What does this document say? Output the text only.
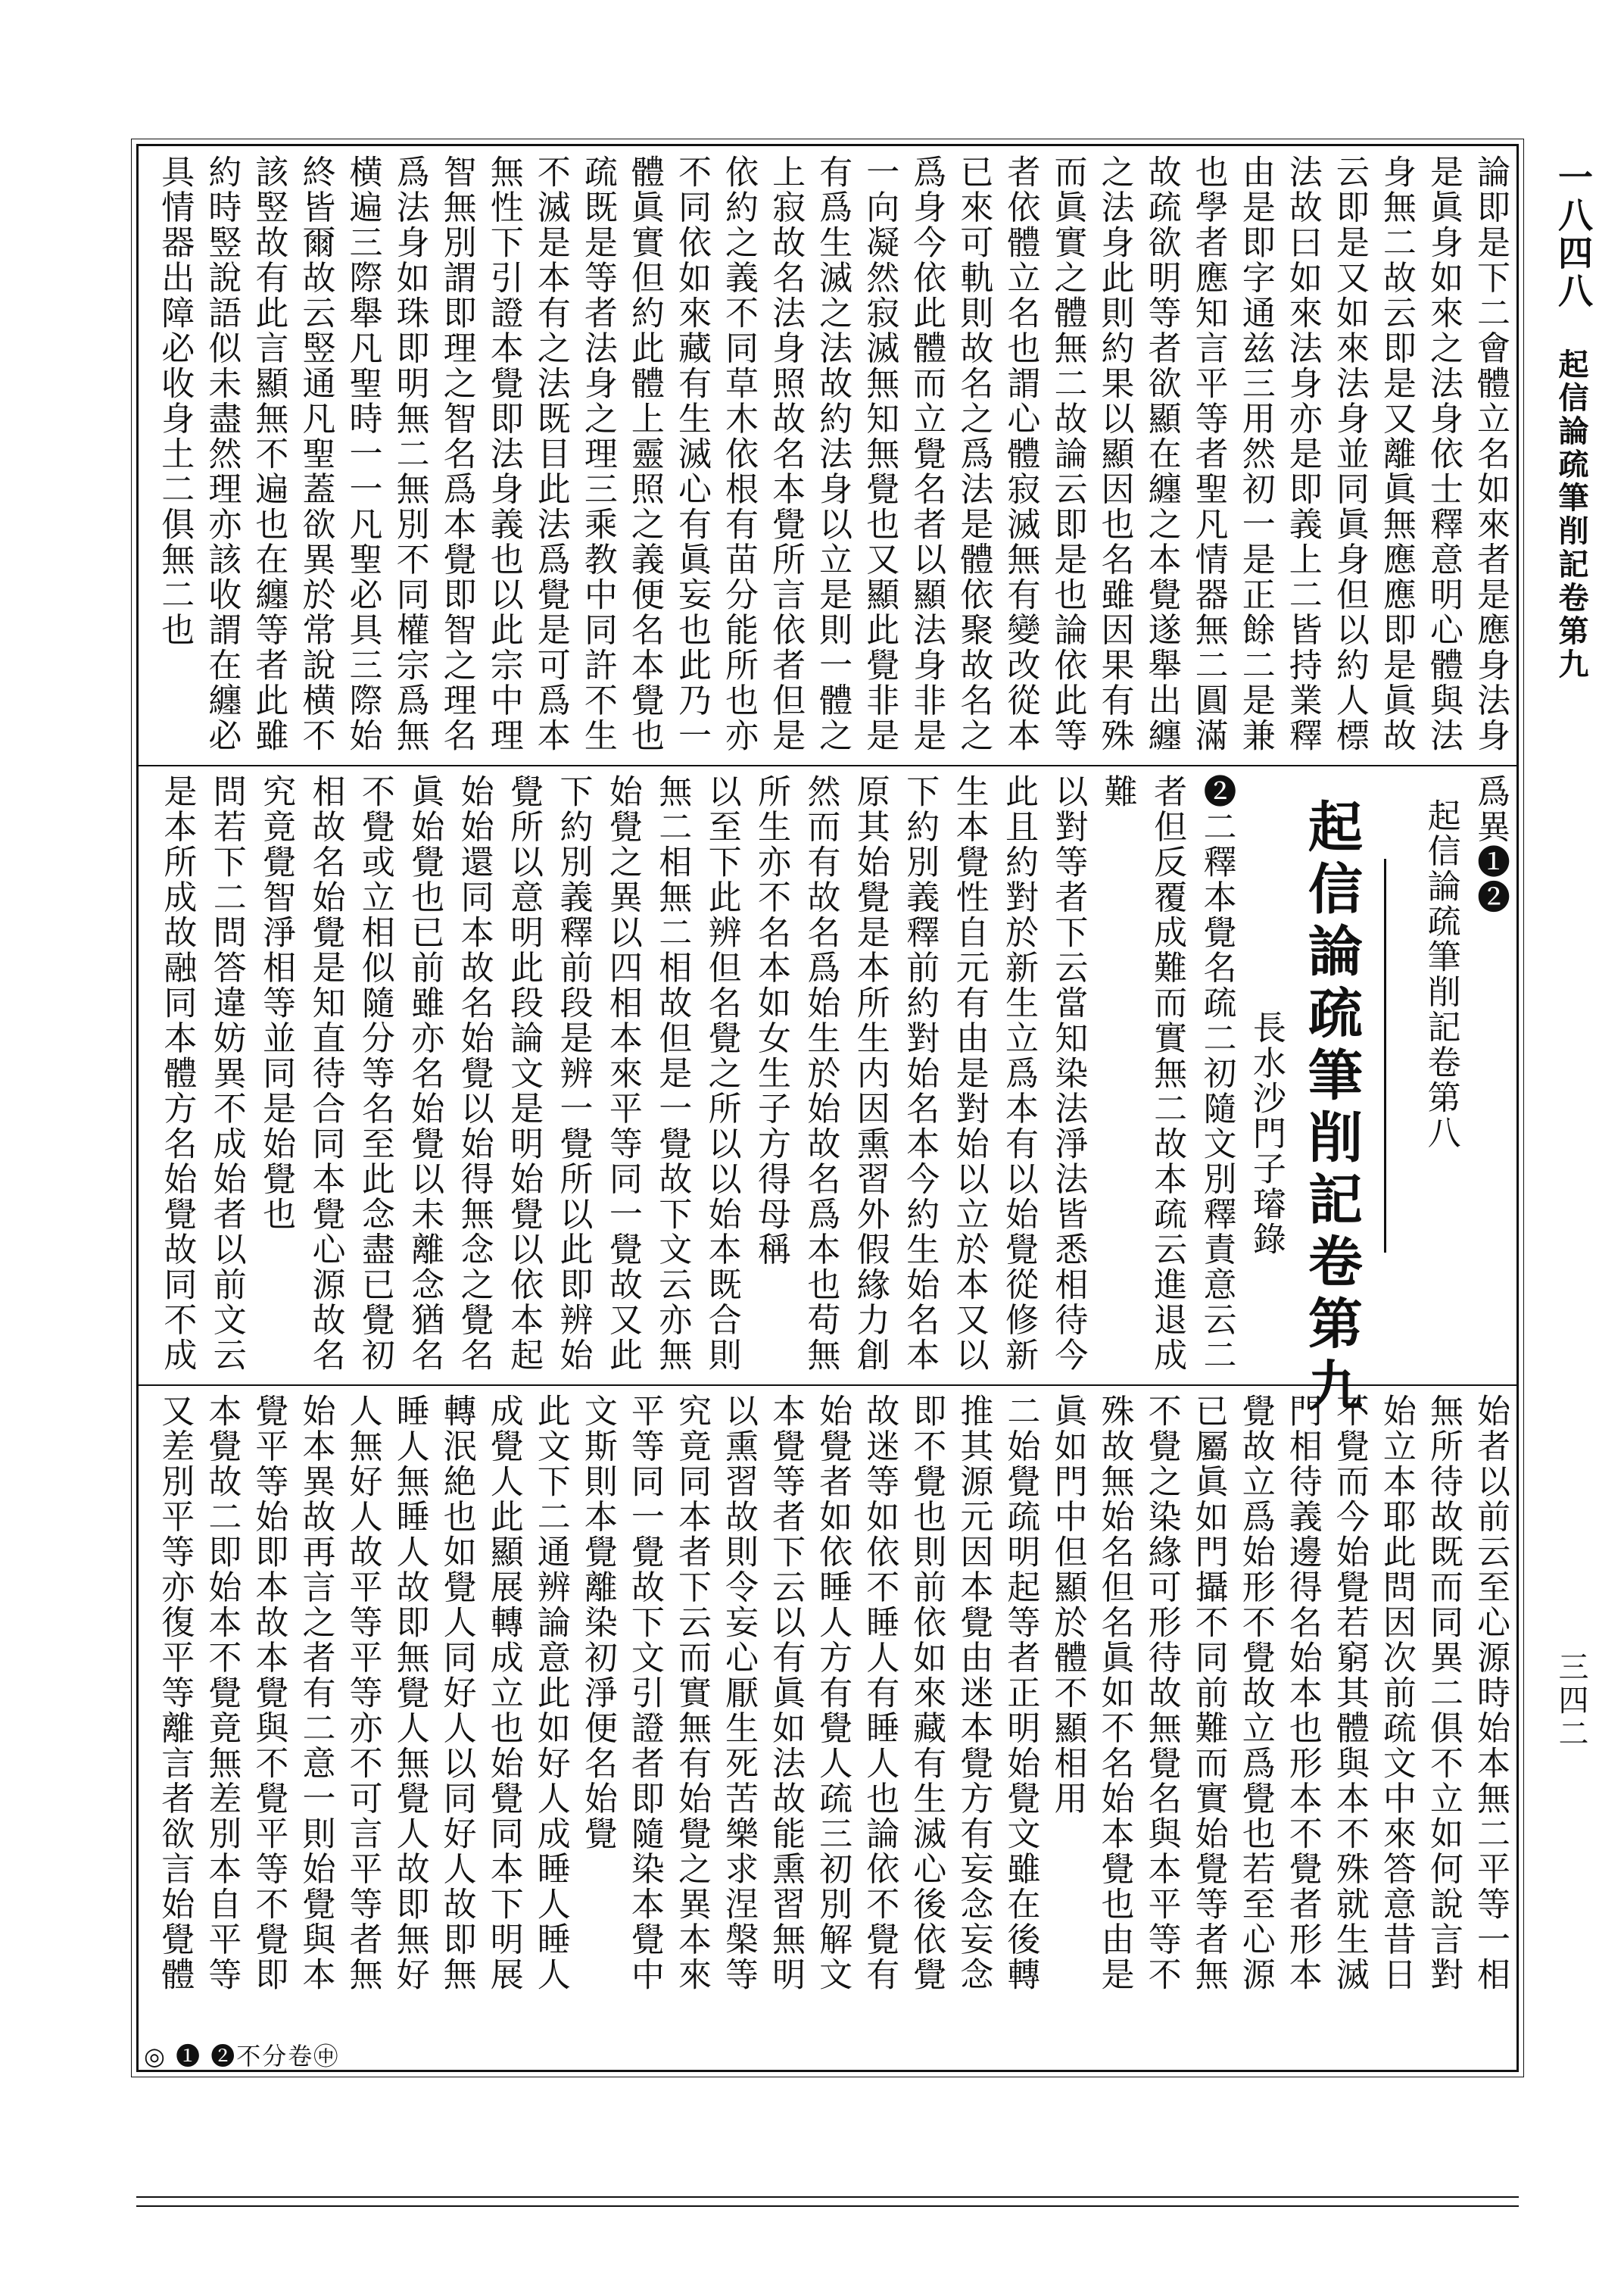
一八四八
起信論疏筆削記卷第九
三四二
論即是下二會體立名如來者是應身法身
是眞身如來之法身依士釋意明心體與法
身無二故云即是又離眞無應應即是眞故
云即是又如來法身並同眞身但以約人標
法故曰如來法身亦是即義上二皆持業釋
由是即字通兹三用然初一是正餘二是兼
也學者應知言平等者聖凡情器無二圓滿
故疏欲明等者欲顯在纏之本覺遂舉出纏
之法身此則約果以顯因也名雖因果有殊
而眞實之體無二故論云即是也論依此等
者依體立名也謂心體寂滅無有變改從本
已來可軌則故名之爲法是體依聚故名之
爲身今依此體而立覺名者以顯法身非是
一向凝然寂滅無知無覺也又顯此覺非是
有爲生滅之法故約法身以立是則一體之
上寂故名法身照故名本覺所言依者但是
依約之義不同草木依根有苗分能所也亦
不同依如來藏有生滅心有眞妄也此乃一
體眞實但約此體上靈照之義便名本覺也
疏既是等者法身之理三乘教中同許不生
不滅是本有之法既目此法爲覺是可爲本
無性下引證本覺即法身義也以此宗中理
智無別謂即理之智名爲本覺即智之理名
爲法身如珠即明無二無別不同權宗爲無
横遍三際舉凡聖時一一凡聖必具三際始
終皆爾故云竪通凡聖蓋欲異於常說横不
該竪故有此言顯無不遍也在纏等者此雖
約時竪說語似未盡然理亦該收謂在纏必
具情器出障必收身土二俱無二也
爲異❶❷
起信論疏筆削記卷第八
起信論疏筆削記卷第九
長水沙門子璿錄
❷二釋本覺名疏二初隨文別釋責意云二
者但反覆成難而實無二故本疏云進退成
難
以對等者下云當知染法淨法皆悉相待今
此且約對於新生立爲本有以始覺從修新
生本覺性自元有由是對始以立於本又以
下約別義釋前約對始名本今約生始名本
原其始覺是本所生内因熏習外假緣力創
然而有故名爲始生於始故名爲本也苟無
所生亦不名本如女生子方得母稱
以至下此辨但名覺之所以以始本既合則
無二相無二相故但是一覺故下文云亦無
始覺之異以四相本來平等同一覺故又此
下約別義釋前段是辨一覺所以此即辨始
覺所以意明此段論文是明始覺以依本起
始始還同本故名始覺以始得無念之覺名
眞始覺也已前雖亦名始覺以未離念猶名
不覺或立相似隨分等名至此念盡已覺初
相故名始覺是知直待合同本覺心源故名
究竟覺智淨相等並同是始覺也
問若下二問答違妨異不成始者以前文云
是本所成故融同本體方名始覺故同不成
始者以前云至心源時始本無二平等一相
無所待故既而同異二俱不立如何說言對
始立本耶此問因次前疏文中來答意昔日
不覺而今始覺若窮其體與本不殊就生滅
門相待義邊得名始本也形本不覺者形本
覺故立爲始形不覺故立爲覺也若至心源
已屬眞如門攝不同前難而實始覺等者無
不覺之染緣可形待故無覺名與本平等不
殊故無始名但名眞如不名始本覺也由是
眞如門中但顯於體不顯相用
二始覺疏明起等者正明始覺文雖在後轉
推其源元因本覺由迷本覺方有妄念妄念
即不覺也則前依如來藏有生滅心後依覺
故迷等如依不睡人有睡人也論依不覺有
始覺者如依睡人方有覺人疏三初別解文
本覺等者下云以有眞如法故能熏習無明
以熏習故則令妄心厭生死苦樂求涅槃等
究竟同本者下云而實無有始覺之異本來
平等同一覺故下文引證者即隨染本覺中
文斯則本覺離染初淨便名始覺
此文下二通辨論意此如好人成睡人睡人
成覺人此顯展轉成立也始覺同本下明展
轉泯絶也如覺人同好人以同好人故即無
睡人無睡人故即無覺人無覺人故即無好
人無好人故平等平等亦不可言平等者無
始本異故再言之者有二意一則始覺與本
覺平等始即本故本覺與不覺平等不覺即
本覺故二即始本不覺竟無差別本自平等
又差別平等亦復平等離言者欲言始覺體
◎ ❶ ❷不分卷㊥
